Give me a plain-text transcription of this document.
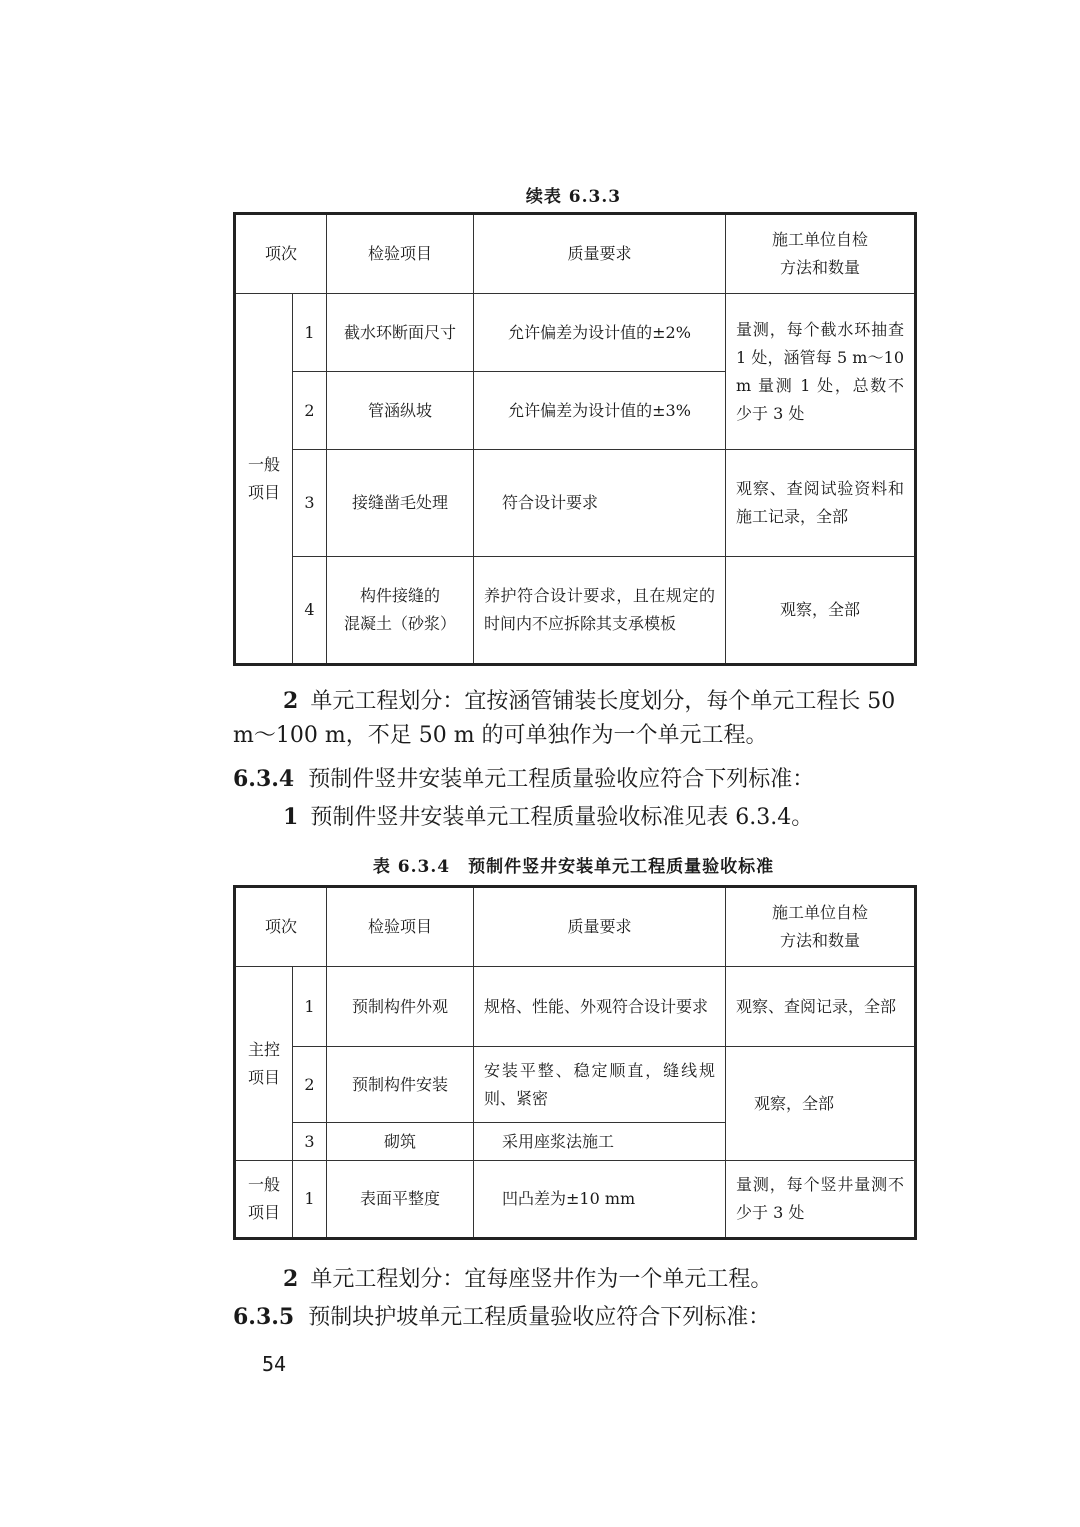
续表 6.3.3
项次		检验项目	质量要求	施工单位自检
方法和数量
一般
项目	1	截水环断面尺寸	允许偏差为设计值的±2%	量测，每个截水环抽查 1 处，涵管每 5 m～10 m 量测 1 处，总数不少于 3 处
	2	管涵纵坡	允许偏差为设计值的±3%	
	3	接缝凿毛处理	符合设计要求	观察、查阅试验资料和施工记录，全部
	4	构件接缝的
混凝土（砂浆）	养护符合设计要求，且在规定的时间内不应拆除其支承模板	观察，全部
2 单元工程划分：宜按涵管铺装长度划分，每个单元工程长 50 m～100 m，不足 50 m 的可单独作为一个单元工程。
6.3.4 预制件竖井安装单元工程质量验收应符合下列标准：
1 预制件竖井安装单元工程质量验收标准见表 6.3.4。
表 6.3.4　预制件竖井安装单元工程质量验收标准
项次		检验项目	质量要求	施工单位自检
方法和数量
主控
项目	1	预制构件外观	规格、性能、外观符合设计要求	观察、查阅记录，全部
	2	预制构件安装	安装平整、稳定顺直，缝线规则、紧密	观察，全部
	3	砌筑	采用座浆法施工	
一般
项目	1	表面平整度	凹凸差为±10 mm	量测，每个竖井量测不少于 3 处
2 单元工程划分：宜每座竖井作为一个单元工程。
6.3.5 预制块护坡单元工程质量验收应符合下列标准：
54
